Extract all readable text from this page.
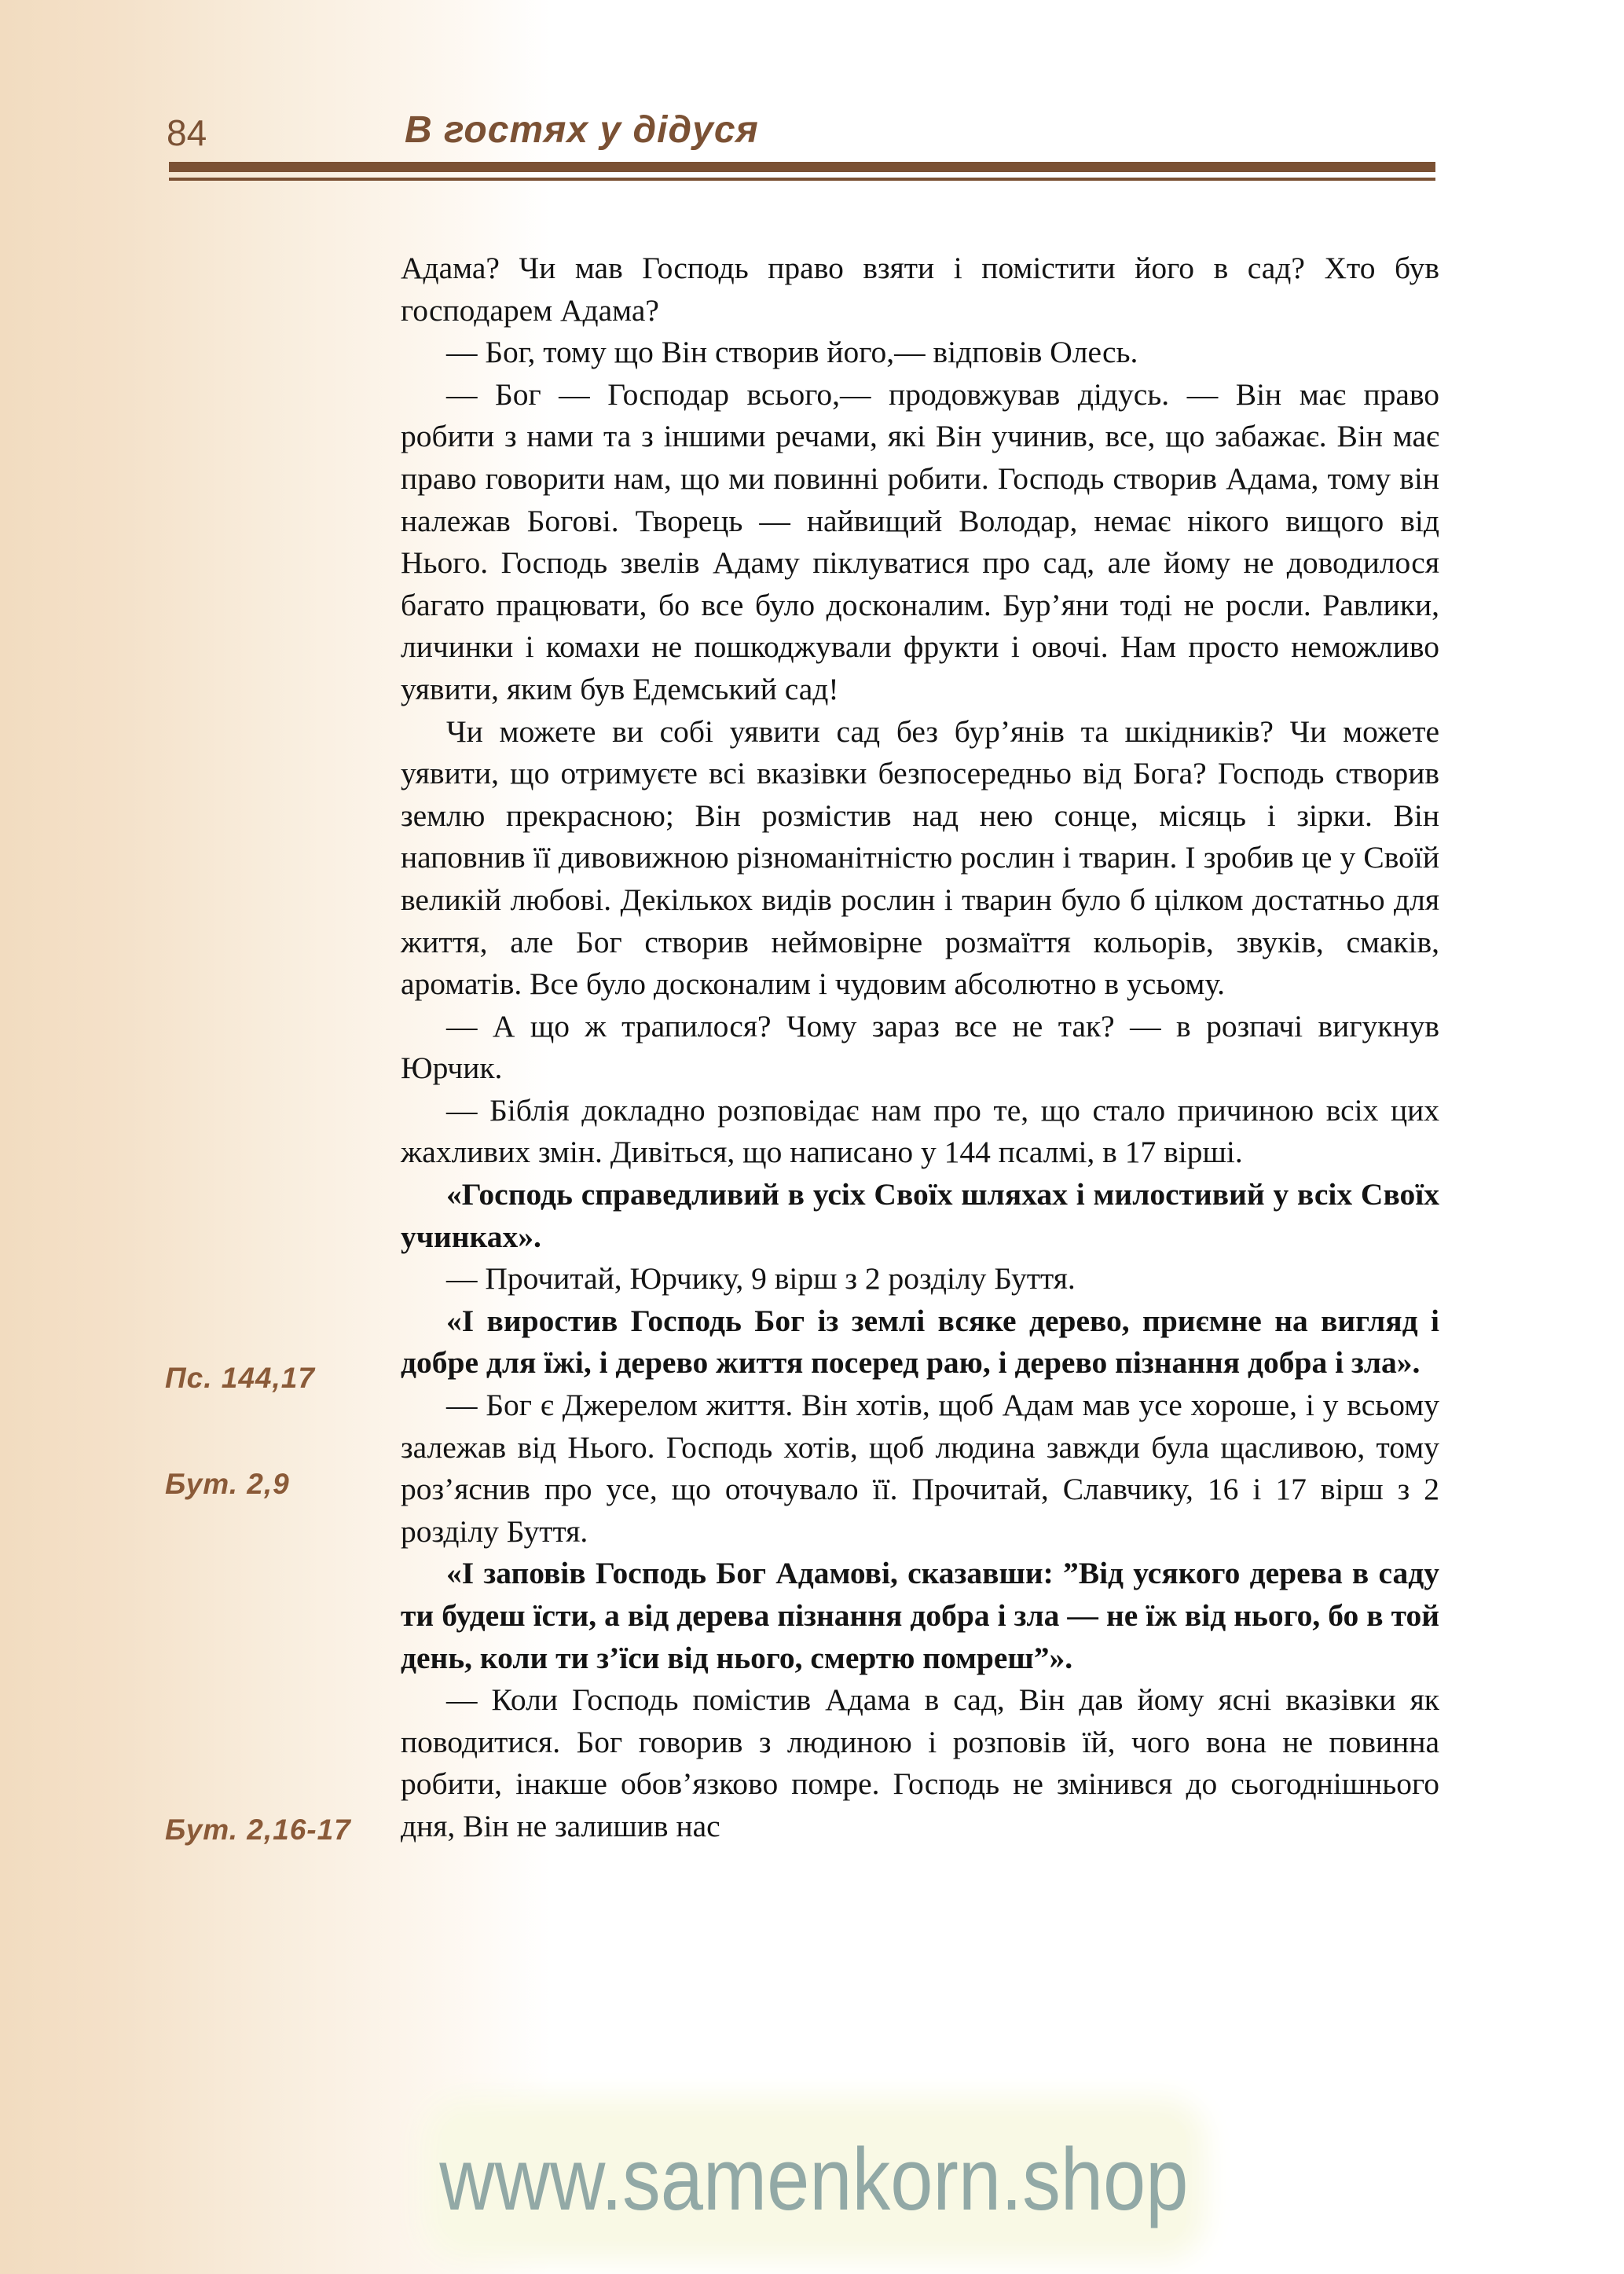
84	В гостях у дідуся
Пс. 144,17
Бут. 2,9
Бут. 2,16-17

Адама? Чи мав Господь право взяти і помістити його в сад? Хто був господарем Адама?

— Бог, тому що Він створив його,— відповів Олесь.

— Бог — Господар всього,— продовжував дідусь. — Він має право робити з нами та з іншими речами, які Він учинив, все, що забажає. Він має право говорити нам, що ми повинні робити. Господь створив Адама, тому він належав Богові. Творець — найвищий Володар, немає нікого вищого від Нього. Господь звелів Адаму піклуватися про сад, але йому не доводилося багато працювати, бо все було досконалим. Бур’яни тоді не росли. Равлики, личинки і комахи не пошкоджували фрукти і овочі. Нам просто неможливо уявити, яким був Едемський сад!

Чи можете ви собі уявити сад без бур’янів та шкідників? Чи можете уявити, що отримуєте всі вказівки безпосередньо від Бога? Господь створив землю прекрасною; Він розмістив над нею сонце, місяць і зірки. Він наповнив її дивовижною різноманітністю рослин і тварин. І зробив це у Своїй великій любові. Декількох видів рослин і тварин було б цілком достатньо для життя, але Бог створив неймовірне розмаїття кольорів, звуків, смаків, ароматів. Все було досконалим і чудовим абсолютно в усьому.

— А що ж трапилося? Чому зараз все не так? — в розпачі вигукнув Юрчик.

— Біблія докладно розповідає нам про те, що стало причиною всіх цих жахливих змін. Дивіться, що написано у 144 псалмі, в 17 вірші.

«Господь справедливий в усіх Своїх шляхах і милостивий у всіх Своїх учинках».

— Прочитай, Юрчику, 9 вірш з 2 розділу Буття.

«І виростив Господь Бог із землі всяке дерево, приємне на вигляд і добре для їжі, і дерево життя посеред раю, і дерево пізнання добра і зла».

— Бог є Джерелом життя. Він хотів, щоб Адам мав усе хороше, і у всьому залежав від Нього. Господь хотів, щоб людина завжди була щасливою, тому роз’яснив про усе, що оточувало її. Прочитай, Славчику, 16 і 17 вірш з 2 розділу Буття.

«І заповів Господь Бог Адамові, сказавши: ”Від усякого дерева в саду ти будеш їсти, а від дерева пізнання добра і зла — не їж від нього, бо в той день, коли ти з’їси від нього, смертю помреш”».

— Коли Господь помістив Адама в сад, Він дав йому ясні вказівки як поводитися. Бог говорив з людиною і розповів їй, чого вона не повинна робити, інакше обов’язково помре. Господь не змінився до сьогоднішнього дня, Він не залишив нас

www.samenkorn.shop
